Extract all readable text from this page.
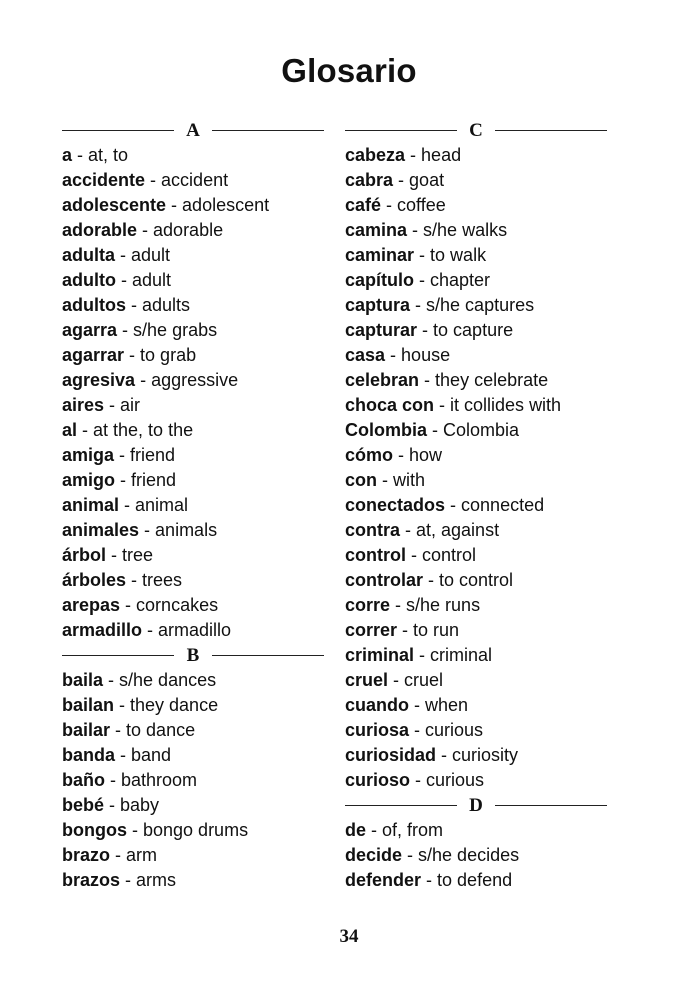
Glosario
A
a - at, to
accidente - accident
adolescente - adolescent
adorable - adorable
adulta - adult
adulto - adult
adultos - adults
agarra - s/he grabs
agarrar - to grab
agresiva - aggressive
aires - air
al - at the, to the
amiga - friend
amigo - friend
animal - animal
animales - animals
árbol - tree
árboles - trees
arepas - corncakes
armadillo - armadillo
B
baila - s/he dances
bailan - they dance
bailar - to dance
banda - band
baño - bathroom
bebé - baby
bongos - bongo drums
brazo - arm
brazos - arms
C
cabeza - head
cabra - goat
café - coffee
camina - s/he walks
caminar - to walk
capítulo - chapter
captura - s/he captures
capturar - to capture
casa - house
celebran - they celebrate
choca con - it collides with
Colombia - Colombia
cómo - how
con - with
conectados - connected
contra - at, against
control - control
controlar - to control
corre - s/he runs
correr - to run
criminal - criminal
cruel - cruel
cuando - when
curiosa - curious
curiosidad - curiosity
curioso - curious
D
de - of, from
decide - s/he decides
defender - to defend
34
